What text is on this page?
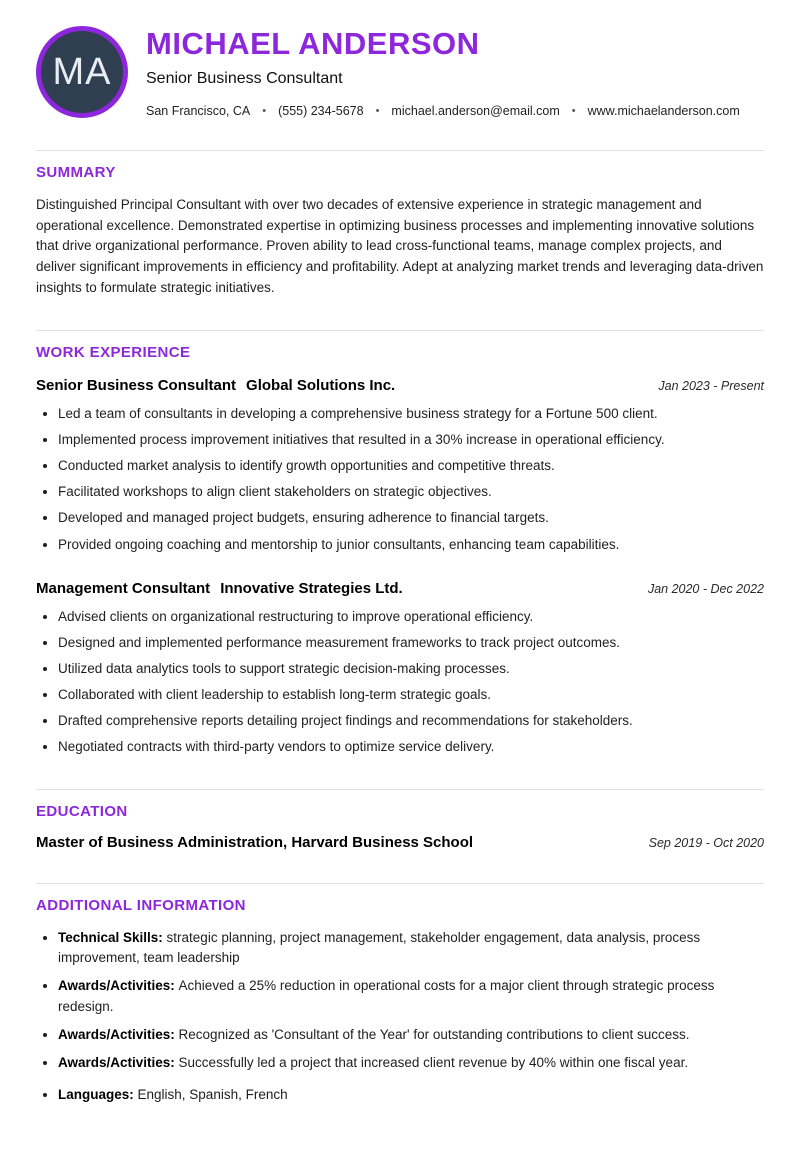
MA
MICHAEL ANDERSON
Senior Business Consultant
San Francisco, CA • (555) 234-5678 • michael.anderson@email.com • www.michaelanderson.com
SUMMARY
Distinguished Principal Consultant with over two decades of extensive experience in strategic management and operational excellence. Demonstrated expertise in optimizing business processes and implementing innovative solutions that drive organizational performance. Proven ability to lead cross-functional teams, manage complex projects, and deliver significant improvements in efficiency and profitability. Adept at analyzing market trends and leveraging data-driven insights to formulate strategic initiatives.
WORK EXPERIENCE
Senior Business Consultant Global Solutions Inc.	Jan 2023 - Present
• Led a team of consultants in developing a comprehensive business strategy for a Fortune 500 client.
• Implemented process improvement initiatives that resulted in a 30% increase in operational efficiency.
• Conducted market analysis to identify growth opportunities and competitive threats.
• Facilitated workshops to align client stakeholders on strategic objectives.
• Developed and managed project budgets, ensuring adherence to financial targets.
• Provided ongoing coaching and mentorship to junior consultants, enhancing team capabilities.
Management Consultant Innovative Strategies Ltd.	Jan 2020 - Dec 2022
• Advised clients on organizational restructuring to improve operational efficiency.
• Designed and implemented performance measurement frameworks to track project outcomes.
• Utilized data analytics tools to support strategic decision-making processes.
• Collaborated with client leadership to establish long-term strategic goals.
• Drafted comprehensive reports detailing project findings and recommendations for stakeholders.
• Negotiated contracts with third-party vendors to optimize service delivery.
EDUCATION
Master of Business Administration, Harvard Business School	Sep 2019 - Oct 2020
ADDITIONAL INFORMATION
• Technical Skills: strategic planning, project management, stakeholder engagement, data analysis, process improvement, team leadership
• Awards/Activities: Achieved a 25% reduction in operational costs for a major client through strategic process redesign.
• Awards/Activities: Recognized as 'Consultant of the Year' for outstanding contributions to client success.
• Awards/Activities: Successfully led a project that increased client revenue by 40% within one fiscal year.
• Languages: English, Spanish, French
